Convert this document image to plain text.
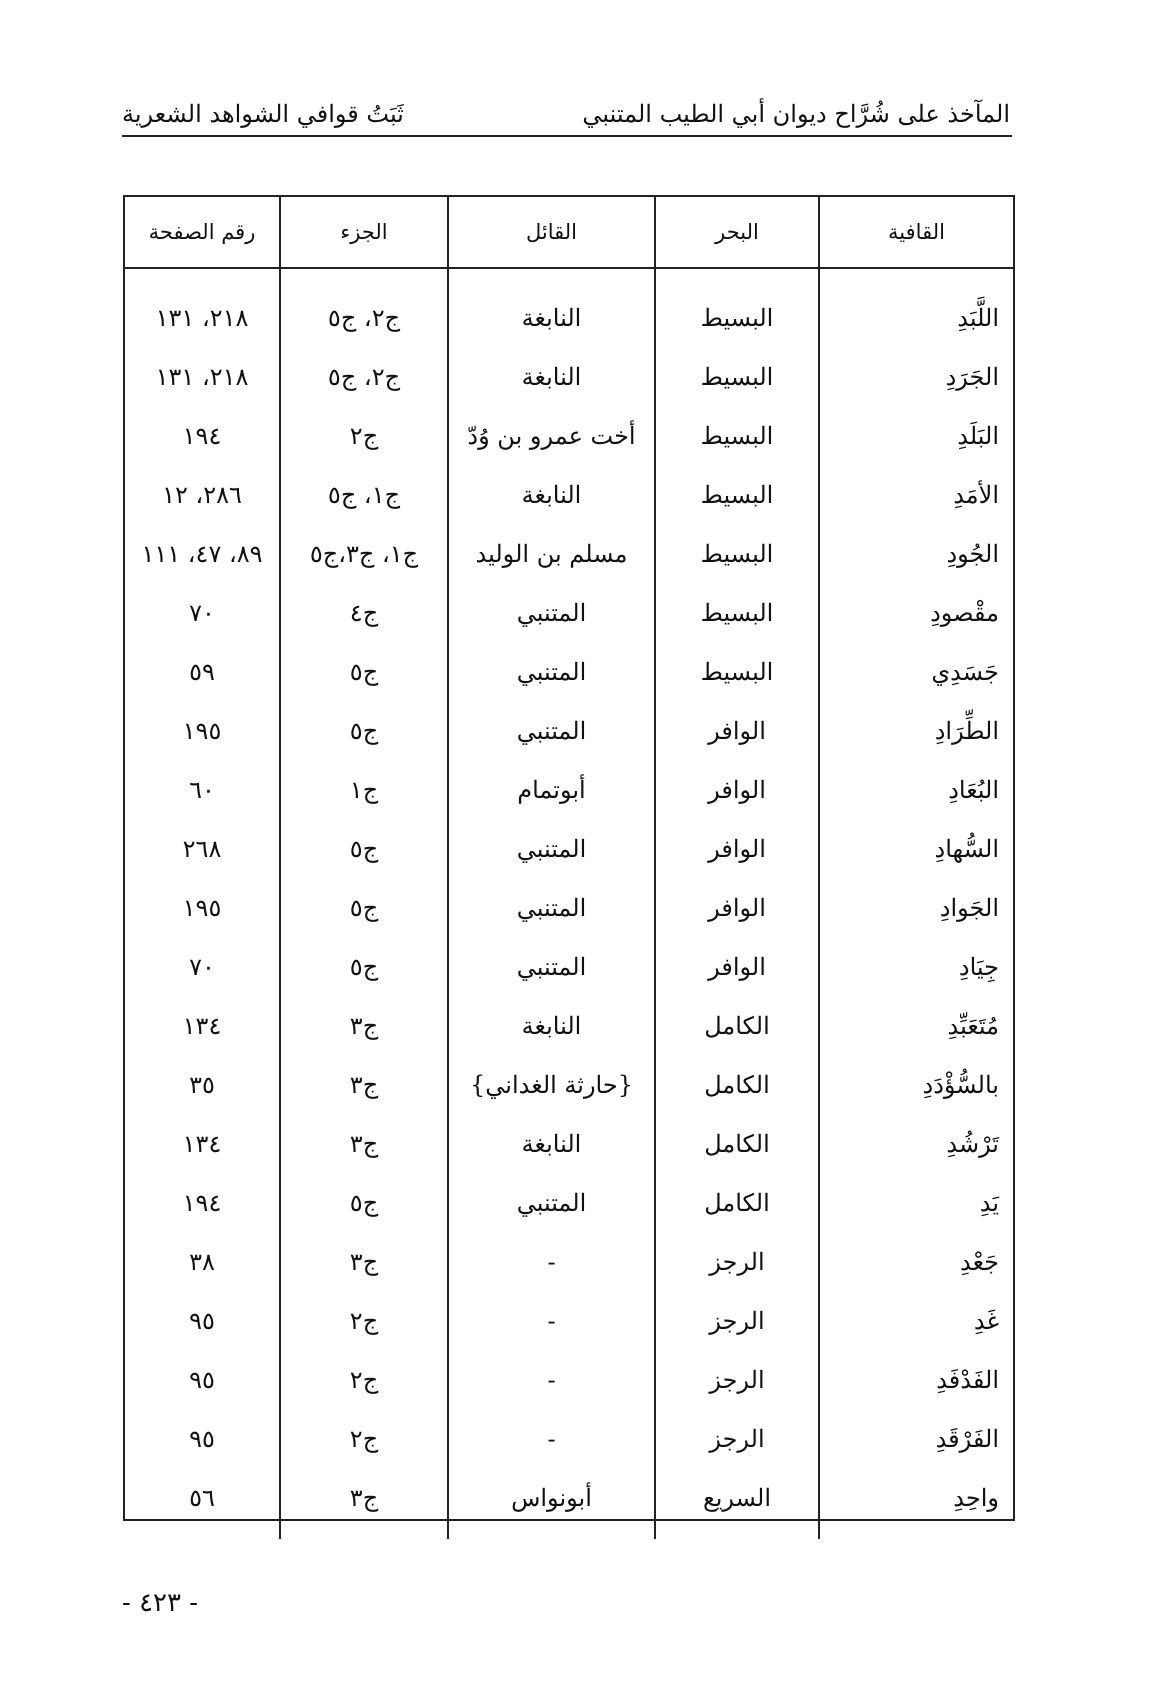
المآخذ على شُرَّاح ديوان أبي الطيب المتنبي
ثَبَتُ قوافي الشواهد الشعرية
القافية	البحر	القائل	الجزء	رقم الصفحة
اللَّبَدِ	البسيط	النابغة	ج٢، ج٥	٢١٨، ١٣١
الجَرَدِ	البسيط	النابغة	ج٢، ج٥	٢١٨، ١٣١
البَلَدِ	البسيط	أخت عمرو بن وُدّ	ج٢	١٩٤
الأمَدِ	البسيط	النابغة	ج١، ج٥	٢٨٦، ١٢
الجُودِ	البسيط	مسلم بن الوليد	ج١، ج٣،ج٥	٨٩، ٤٧، ١١١
مقْصودِ	البسيط	المتنبي	ج٤	٧٠
جَسَدِي	البسيط	المتنبي	ج٥	٥٩
الطِّرَادِ	الوافر	المتنبي	ج٥	١٩٥
البُعَادِ	الوافر	أبوتمام	ج١	٦٠
السُّهادِ	الوافر	المتنبي	ج٥	٢٦٨
الجَوادِ	الوافر	المتنبي	ج٥	١٩٥
جِيَادِ	الوافر	المتنبي	ج٥	٧٠
مُتَعَبِّدِ	الكامل	النابغة	ج٣	١٣٤
بالسُّؤْدَدِ	الكامل	{حارثة الغداني}	ج٣	٣٥
تَرْشُدِ	الكامل	النابغة	ج٣	١٣٤
يَدِ	الكامل	المتنبي	ج٥	١٩٤
جَعْدِ	الرجز	-	ج٣	٣٨
غَدِ	الرجز	-	ج٢	٩٥
الفَدْفَدِ	الرجز	-	ج٢	٩٥
الفَرْقَدِ	الرجز	-	ج٢	٩٥
واحِدِ	السريع	أبونواس	ج٣	٥٦

- ٤٢٣ -
